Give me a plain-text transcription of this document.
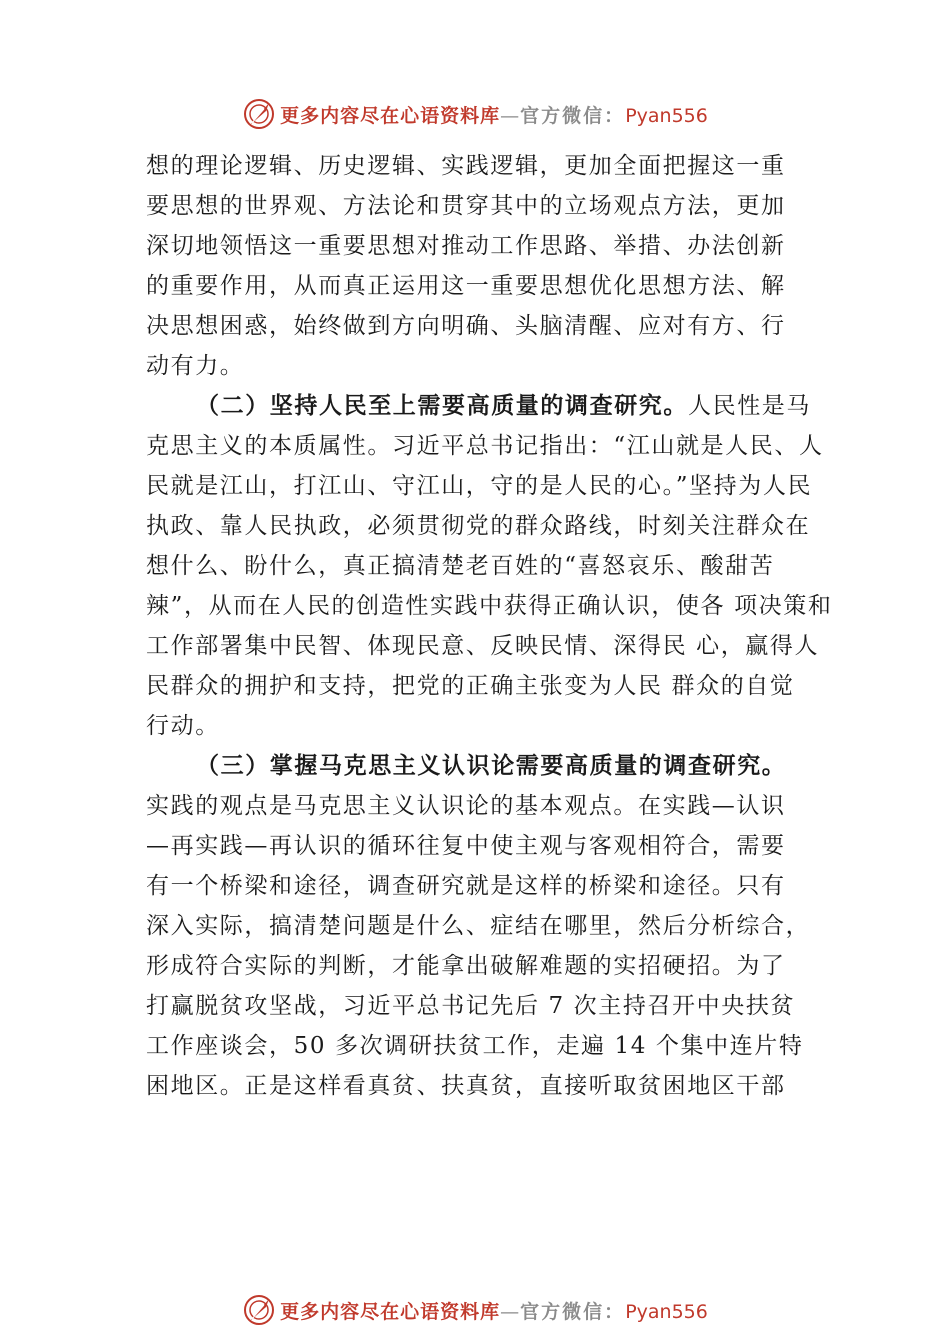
更多内容尽在心语资料库—官方微信：Pyan556
想的理论逻辑、历史逻辑、实践逻辑，更加全面把握这一重
要思想的世界观、方法论和贯穿其中的立场观点方法，更加
深切地领悟这一重要思想对推动工作思路、举措、办法创新
的重要作用，从而真正运用这一重要思想优化思想方法、解
决思想困惑，始终做到方向明确、头脑清醒、应对有方、行
动有力。
（二）坚持人民至上需要高质量的调查研究。人民性是马
克思主义的本质属性。习近平总书记指出：“江山就是人民、人
民就是江山，打江山、守江山，守的是人民的心。”坚持为人民
执政、靠人民执政，必须贯彻党的群众路线，时刻关注群众在
想什么、盼什么，真正搞清楚老百姓的“喜怒哀乐、酸甜苦
辣”，从而在人民的创造性实践中获得正确认识，使各 项决策和
工作部署集中民智、体现民意、反映民情、深得民 心，赢得人
民群众的拥护和支持，把党的正确主张变为人民 群众的自觉
行动。
（三）掌握马克思主义认识论需要高质量的调查研究。
实践的观点是马克思主义认识论的基本观点。在实践—认识
—再实践—再认识的循环往复中使主观与客观相符合，需要
有一个桥梁和途径，调查研究就是这样的桥梁和途径。只有
深入实际，搞清楚问题是什么、症结在哪里，然后分析综合，
形成符合实际的判断，才能拿出破解难题的实招硬招。为了
打赢脱贫攻坚战，习近平总书记先后 7 次主持召开中央扶贫
工作座谈会，50 多次调研扶贫工作，走遍 14 个集中连片特
困地区。正是这样看真贫、扶真贫，直接听取贫困地区干部
更多内容尽在心语资料库—官方微信：Pyan556
